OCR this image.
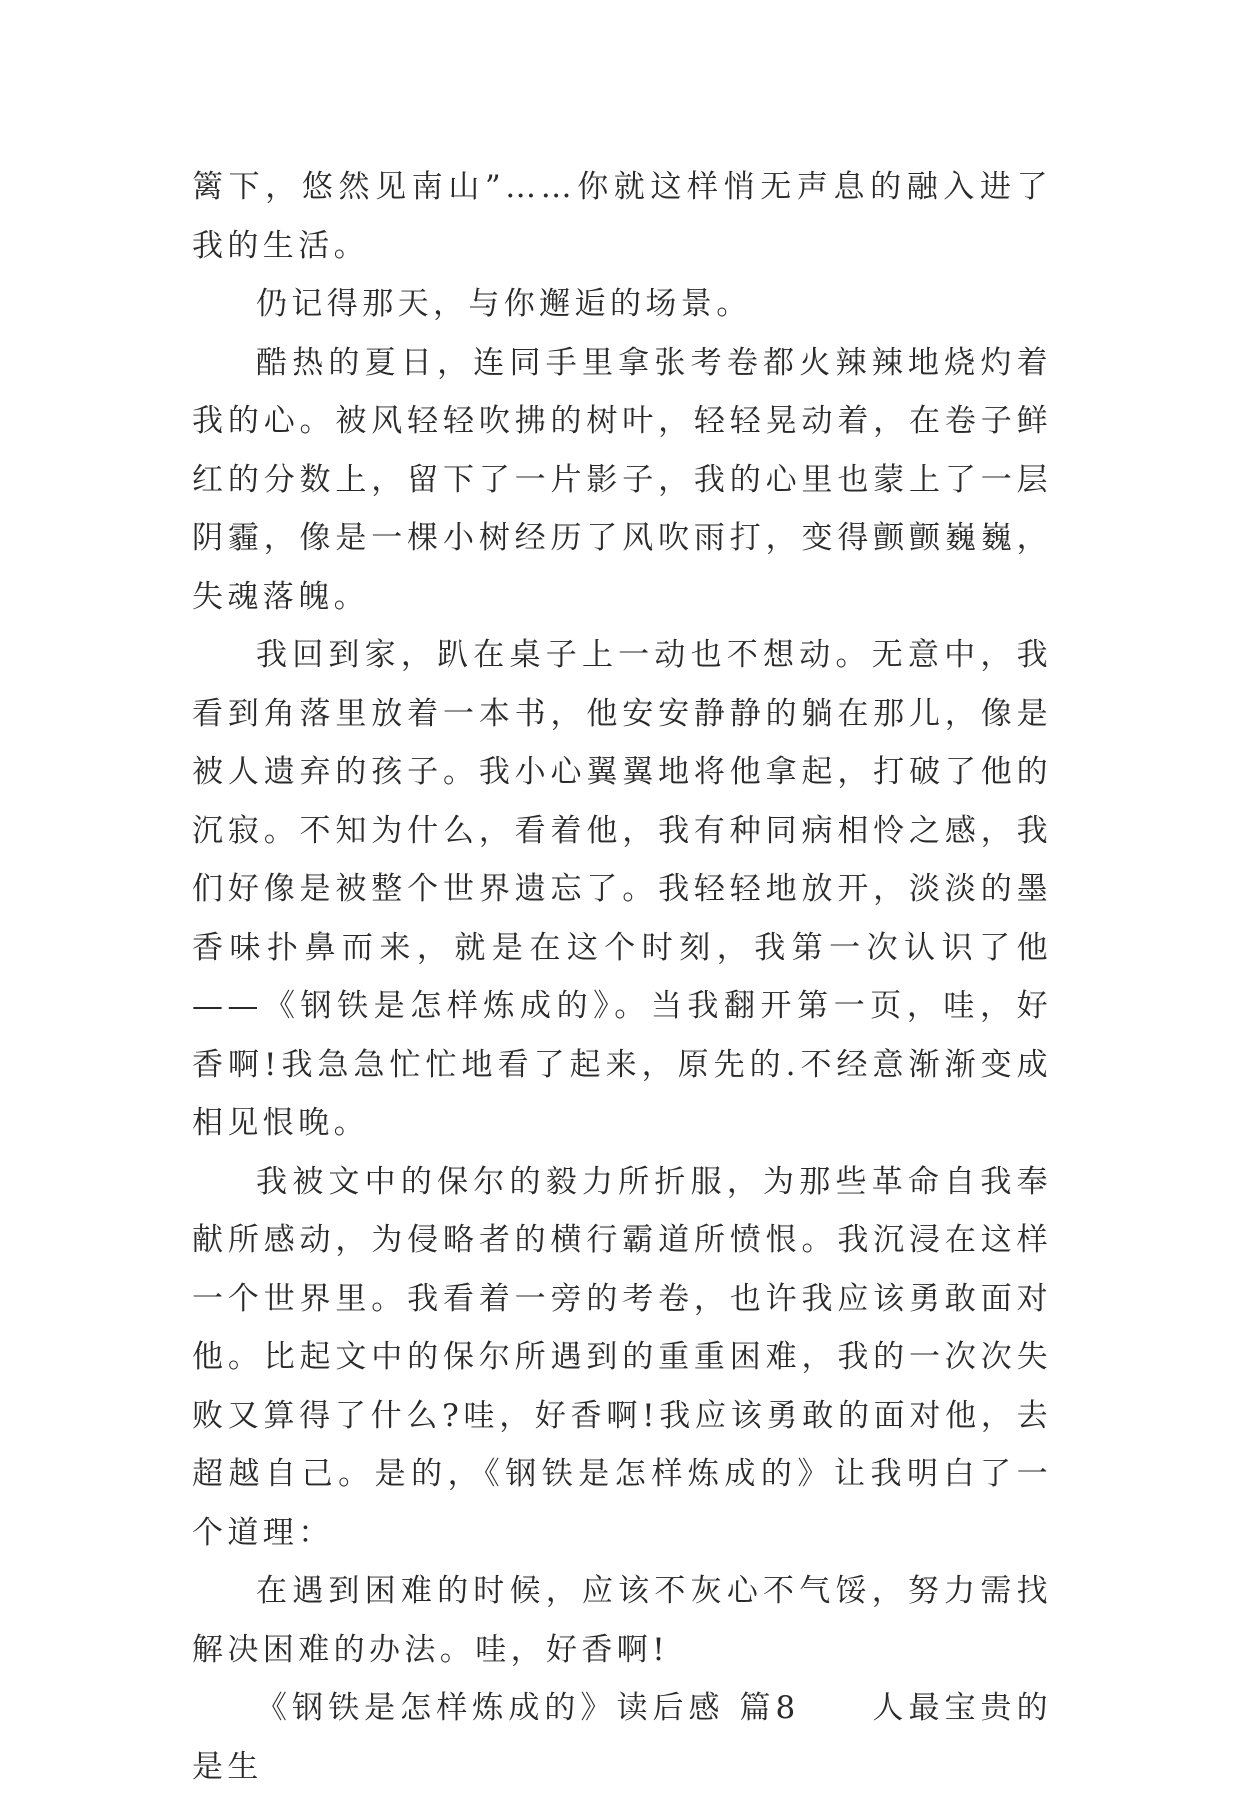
篱下，悠然见南山”……你就这样悄无声息的融入进了我的生活。

仍记得那天，与你邂逅的场景。

酷热的夏日，连同手里拿张考卷都火辣辣地烧灼着我的心。被风轻轻吹拂的树叶，轻轻晃动着，在卷子鲜红的分数上，留下了一片影子，我的心里也蒙上了一层阴霾，像是一棵小树经历了风吹雨打，变得颤颤巍巍，失魂落魄。

我回到家，趴在桌子上一动也不想动。无意中，我看到角落里放着一本书，他安安静静的躺在那儿，像是被人遗弃的孩子。我小心翼翼地将他拿起，打破了他的沉寂。不知为什么，看着他，我有种同病相怜之感，我们好像是被整个世界遗忘了。我轻轻地放开，淡淡的墨香味扑鼻而来，就是在这个时刻，我第一次认识了他——《钢铁是怎样炼成的》。当我翻开第一页，哇，好香啊!我急急忙忙地看了起来，原先的.不经意渐渐变成相见恨晚。

我被文中的保尔的毅力所折服，为那些革命自我奉献所感动，为侵略者的横行霸道所愤恨。我沉浸在这样一个世界里。我看着一旁的考卷，也许我应该勇敢面对他。比起文中的保尔所遇到的重重困难，我的一次次失败又算得了什么?哇，好香啊!我应该勇敢的面对他，去超越自己。是的，《钢铁是怎样炼成的》让我明白了一个道理：

在遇到困难的时候，应该不灰心不气馁，努力需找解决困难的办法。哇，好香啊!

《钢铁是怎样炼成的》读后感 篇8　　人最宝贵的是生
